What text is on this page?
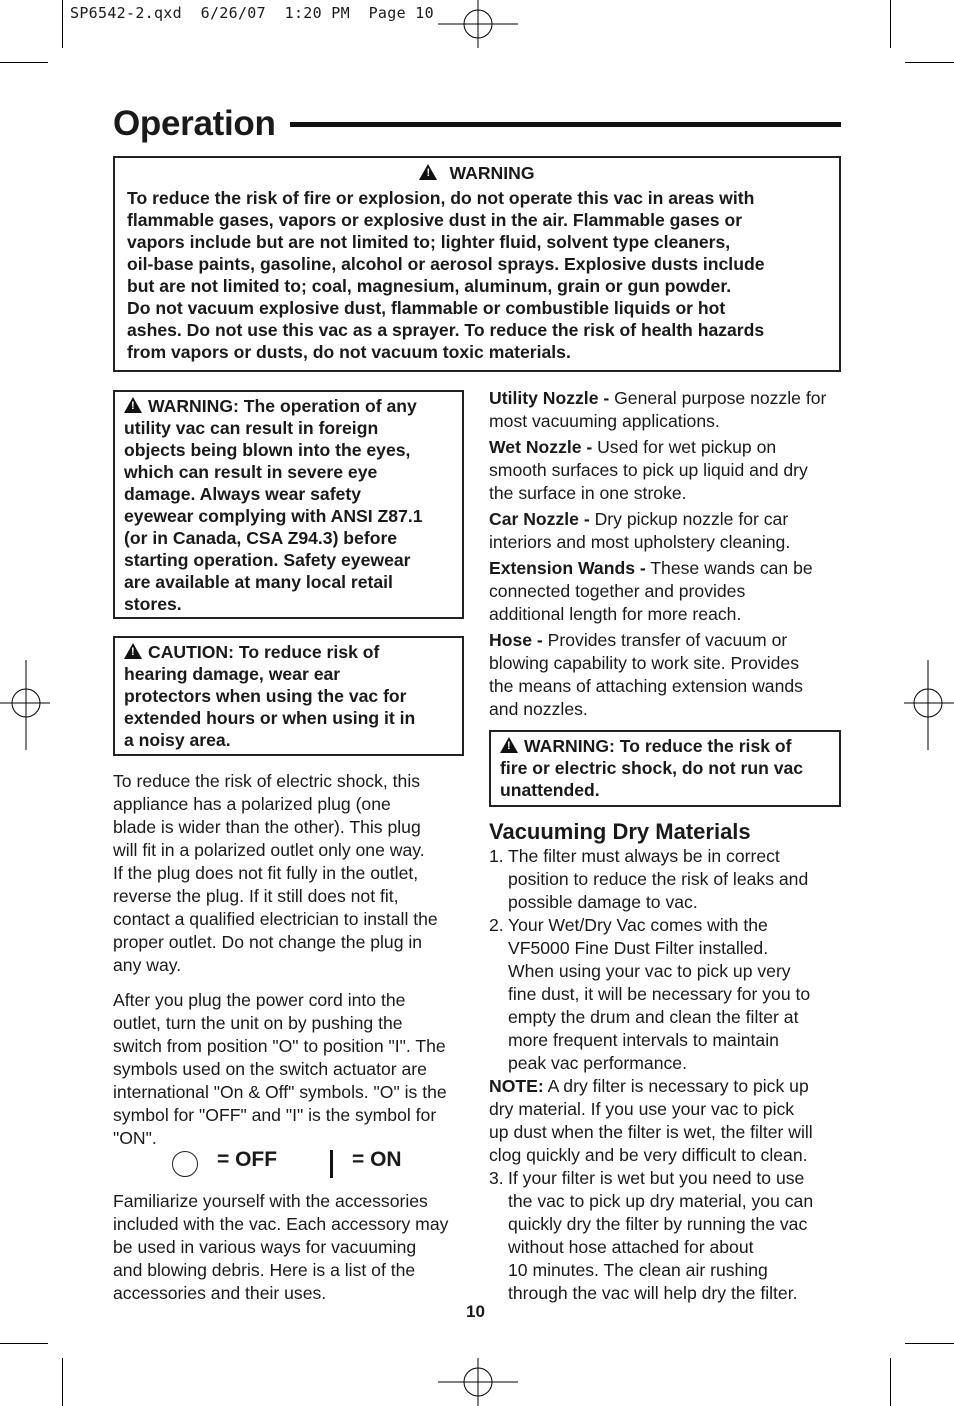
SP6542-2.qxd  6/26/07  1:20 PM  Page 10
Operation
!WARNING
To reduce the risk of fire or explosion, do not operate this vac in areas with
flammable gases, vapors or explosive dust in the air. Flammable gases or
vapors include but are not limited to; lighter fluid, solvent type cleaners,
oil-base paints, gasoline, alcohol or aerosol sprays. Explosive dusts include
but are not limited to; coal, magnesium, aluminum, grain or gun powder.
Do not vacuum explosive dust, flammable or combustible liquids or hot
ashes. Do not use this vac as a sprayer. To reduce the risk of health hazards
from vapors or dusts, do not vacuum toxic materials.
!WARNING: The operation of any
utility vac can result in foreign
objects being blown into the eyes,
which can result in severe eye
damage. Always wear safety
eyewear complying with ANSI Z87.1
(or in Canada, CSA Z94.3) before
starting operation. Safety eyewear
are available at many local retail
stores.
!CAUTION: To reduce risk of
hearing damage, wear ear
protectors when using the vac for
extended hours or when using it in
a noisy area.
To reduce the risk of electric shock, this
appliance has a polarized plug (one
blade is wider than the other). This plug
will fit in a polarized outlet only one way.
If the plug does not fit fully in the outlet,
reverse the plug. If it still does not fit,
contact a qualified electrician to install the
proper outlet. Do not change the plug in
any way.
After you plug the power cord into the
outlet, turn the unit on by pushing the
switch from position "O" to position "I". The
symbols used on the switch actuator are
international "On & Off" symbols. "O" is the
symbol for "OFF" and "I" is the symbol for
"ON".
= OFF	= ON
Familiarize yourself with the accessories
included with the vac. Each accessory may
be used in various ways for vacuuming
and blowing debris. Here is a list of the
accessories and their uses.
Utility Nozzle - General purpose nozzle for
most vacuuming applications.
Wet Nozzle - Used for wet pickup on
smooth surfaces to pick up liquid and dry
the surface in one stroke.
Car Nozzle - Dry pickup nozzle for car
interiors and most upholstery cleaning.
Extension Wands - These wands can be
connected together and provides
additional length for more reach.
Hose - Provides transfer of vacuum or
blowing capability to work site. Provides
the means of attaching extension wands
and nozzles.
!WARNING: To reduce the risk of
fire or electric shock, do not run vac
unattended.
Vacuuming Dry Materials
1. The filter must always be in correct
position to reduce the risk of leaks and
possible damage to vac.
2. Your Wet/Dry Vac comes with the
VF5000 Fine Dust Filter installed.
When using your vac to pick up very
fine dust, it will be necessary for you to
empty the drum and clean the filter at
more frequent intervals to maintain
peak vac performance.
NOTE: A dry filter is necessary to pick up
dry material. If you use your vac to pick
up dust when the filter is wet, the filter will
clog quickly and be very difficult to clean.
3. If your filter is wet but you need to use
the vac to pick up dry material, you can
quickly dry the filter by running the vac
without hose attached for about
10 minutes. The clean air rushing
through the vac will help dry the filter.
10
